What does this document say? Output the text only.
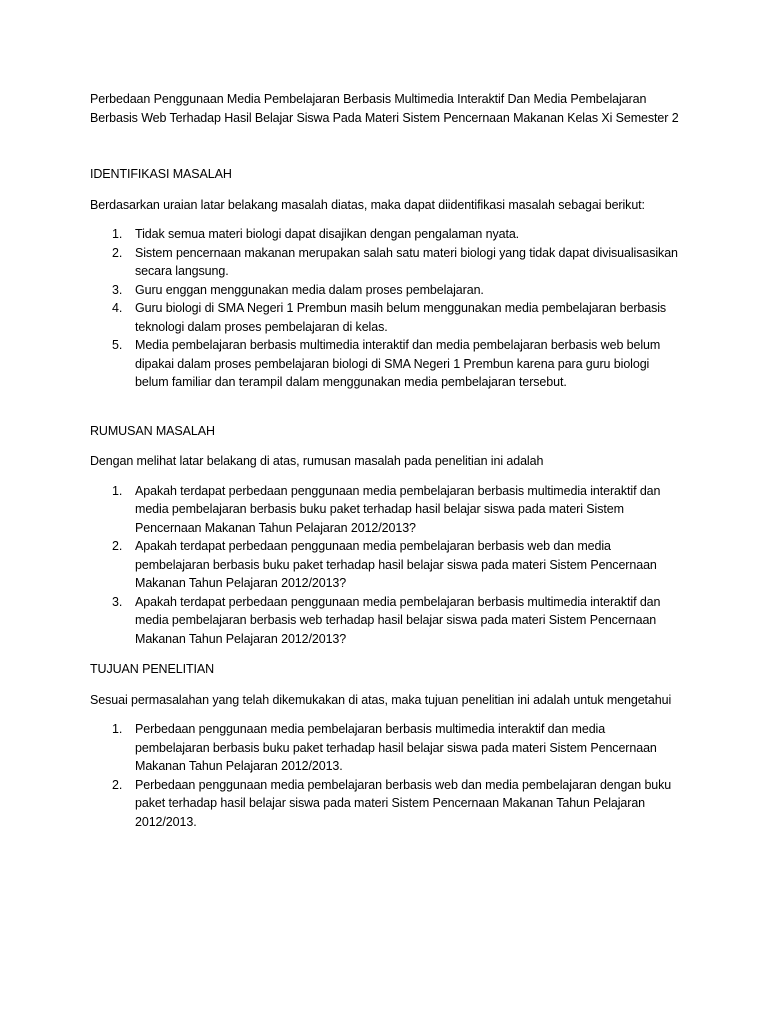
Perbedaan Penggunaan Media Pembelajaran Berbasis Multimedia Interaktif Dan Media Pembelajaran Berbasis Web Terhadap Hasil Belajar Siswa Pada Materi Sistem Pencernaan Makanan Kelas Xi Semester 2

IDENTIFIKASI MASALAH

Berdasarkan uraian latar belakang masalah diatas, maka dapat diidentifikasi masalah sebagai berikut:

1. Tidak semua materi biologi dapat disajikan dengan pengalaman nyata.
2. Sistem pencernaan makanan merupakan salah satu materi biologi yang tidak dapat divisualisasikan secara langsung.
3. Guru enggan menggunakan media dalam proses pembelajaran.
4. Guru biologi di SMA Negeri 1 Prembun masih belum menggunakan media pembelajaran berbasis teknologi dalam proses pembelajaran di kelas.
5. Media pembelajaran berbasis multimedia interaktif dan media pembelajaran berbasis web belum dipakai dalam proses pembelajaran biologi di SMA Negeri 1 Prembun karena para guru biologi belum familiar dan terampil dalam menggunakan media pembelajaran tersebut.

RUMUSAN MASALAH

Dengan melihat latar belakang di atas, rumusan masalah pada penelitian ini adalah

1. Apakah terdapat perbedaan penggunaan media pembelajaran berbasis multimedia interaktif dan media pembelajaran berbasis buku paket terhadap hasil belajar siswa pada materi Sistem Pencernaan Makanan Tahun Pelajaran 2012/2013?
2. Apakah terdapat perbedaan penggunaan media pembelajaran berbasis web dan media pembelajaran berbasis buku paket terhadap hasil belajar siswa pada materi Sistem Pencernaan Makanan Tahun Pelajaran 2012/2013?
3. Apakah terdapat perbedaan penggunaan media pembelajaran berbasis multimedia interaktif dan media pembelajaran berbasis web terhadap hasil belajar siswa pada materi Sistem Pencernaan Makanan Tahun Pelajaran 2012/2013?

TUJUAN PENELITIAN

Sesuai permasalahan yang telah dikemukakan di atas, maka tujuan penelitian ini adalah untuk mengetahui

1. Perbedaan penggunaan media pembelajaran berbasis multimedia interaktif dan media pembelajaran berbasis buku paket terhadap hasil belajar siswa pada materi Sistem Pencernaan Makanan Tahun Pelajaran 2012/2013.
2. Perbedaan penggunaan media pembelajaran berbasis web dan media pembelajaran dengan buku paket terhadap hasil belajar siswa pada materi Sistem Pencernaan Makanan Tahun Pelajaran 2012/2013.
